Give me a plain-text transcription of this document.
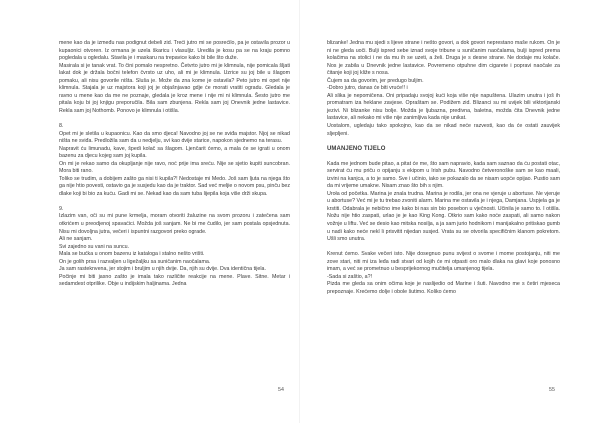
mene kao da je između nas podignut debeli zid. Treći jutro mi se posrećilo, pa je ostavila prozor u kupaonici otvoren. Iz ormana je uzela škaricu i vlasuljiz. Uredila je kosu pa se na kraju pomno pogledala u ogledalu. Stavila je i maskaru na trepavice kako bi bile što duže.

Masirala si je tanak vrat. To čini pomalo nespretno. Četvrto jutro mi je klimnula, nije pomicala šljati lakat dok je držala bočni telefon čvrsto uz uho, ali mi je klimnula. Uzrice su joj bile u šlagom pomaku, ali nisu govorile ništa. Sluša je. Može da zna kome je ostavila? Peto jutro mi opet nije klimnula. Stajala je uz majstora koji joj je objašnjavao gdje će morati vratiti ogradu. Gledala je ravno u mene kao da me ne poznaje, gledala je kroz mene i nije mi ni klimnula. Šesto jutro me pitala koju bi joj knjigu preporučila. Bila sam zbunjena. Rekla sam joj Onevnik jedne lastavice. Rekla sam joj Nothomb. Ponovo je klimnula i otišla.

8.

Opet mi je sletila u kupaonicu. Kao da smo djeca! Navodno joj se ne sviđa majstor. Njoj se nikad ništa ne sviđa. Predložila sam da u nedjelju, svi kao dvije starice, napokon sjednemo na terasu.

Napravit ću limunadu, kave, špedi kolač sa šlagom. Ljenčarit ćemo, a mala će se igrati u onom bazenu za djecu kojeg sam joj kupila.

On mi je rekao samo da okupljanje nije ravo, noć prije ima sreću. Nije se sjetio kupiti suncobran. Mora biti rano.

Toliko se trudim, a dobijem zašto ga nisi ti kupila?! Nedostaje mi Medo. Još sam ljuta na njega što ga nije htio povesti, ostavio ga je susjedu kao da je traktor. Sad već meljie o novom psu, pinču bez dlake koji bi bio za kuću. Gadi mi se. Nekad kao da sam tuba lijepila koja više drži skupa.

9.

Izlazim van, oči su mi pune krmelja, moram otvoriti žaluzine na svom prozoru i zatečena sam otkrićem u preodjenoj spavaćici. Možda još sanjam. Ne bi me čudilo, jer sam postala opsjednuta. Nisu mi dovoljna jutra, večeri i ispuntni razgovori preko ograde.

Ali ne sanjam.

Svi zajedno su vani na suncu.

Mala se bućka u onom bazenu iz kataloga i stalno nešto vrišti.

On je golih prsa i razvaljen u ligežaljku sa suničanim naočalama.

Ja sam rasteknvena, jer stojim i bruljim u njih dvije. Da, njih su dvije. Dva identična tijela.

Počinje mi biti jasno zašto je imala tako različite reakcije na mene. Plave. Sitne. Metar i sedamdest otprilike. Obje u indijskim haljinama. Jedna

54

blizanke! Jedna mu sjedi s lijeve strane i nešto govori, a dok govori neprestano maše rukom. On je ni ne gleda uoči. Bulji ispred sebe iznad svoje tribune u suničanim naočalama, bulji ispred prema kolačima na stolici i ne da mu ih se uzeti, a želi. Druga je s desne strane. Ne dodaje mu kolače. Nos je zabila u Dnevnik jedne lastavice. Povremeno otpuhne dim cigarete i popravi naočale za čitanje koji joj kliže s nosa.

Čujem sa da govorim, jer predugo buljim.

-Dobro jutro, danas će biti vruće!! i

Ali slika je nepomičena. Oni pripadaju svojoj kući koja više nije napuštena. Ulazim unutra i još ih promatram iza heklane zavjese. Opraštam se. Podižem zid. Blizanci su mi uvijek bili viktorijanski jezivi. Ni blizanke nisu bolje. Možda je ljubazna, predivna, baletna, možda čita Dnevnik jedne lastavice, ali nekako mi više nije zanimljiva kada nije unikat.

Uostalom, ugledaju tako spokojno, kao da se nikad neće razvesti, kao da će ostati zauvijek sljepljeni.

UMANJENO TIJELO

Kada me jednom bude pitao, a pitat će me, što sam napravio, kada sam saznao da ću postati otac, servirat ću mu priču o opijanju s ekipom u Irish pubu. Navodno četveronoške sam se kao maali, izvini na kanjca, a to je samo. Sve i učinio, iako se pokazalo da se nisam uopće opijao. Pustio sam da mi vrijeme umakne. Nisam znao što bih s njim.

Uroła od početka. Marina je znala trudna. Marina je rodila, jer ona ne vjeruje u abortuse. Ne vjeruje u abortuse? Već mi je tu trebao zvoniti alarm. Marina me ostavila je i njega, Damjana. Uspjela ga je krstiti. Odabrala je nebično ime kako bi nas sin bio posebon u vječnosti. Učinila je samo to. I otišla. Nožu nije htio zaspati, urlao je je kao King Kong. Otkrio sam kako noće zaspati, ali samo nakon vožnje u liftu. Već se desio kao mitska nosilja, a ja sam jurio hodnikom i manijakalno pritiskao gumb u nadi kako neće nekl li prisvitit nijedan susjed. Vrata su se otvorila specifičnim klanom pokretom. Ušli smo unutra.

Krenut ćemo. Svake večeri isto. Nije dosegnuo punu svijest o svome i mome postojanju, niti me zove stari, niti mi iza leđa radi stvari od kojih će mi otpasti oro malo dlaka na glavi koje ponosno imam, a već se prometnuo u besprijekornog mučitelja umanjenog tijela.

-Sada si zaštio, a?!

Pizda me gleda sa onim očima koje je naslijedio od Marine i šuti. Navodno me s četiri mjeseca prepoznaje. Krećemo dolje i obole šutimo. Koliko ćemo

55
